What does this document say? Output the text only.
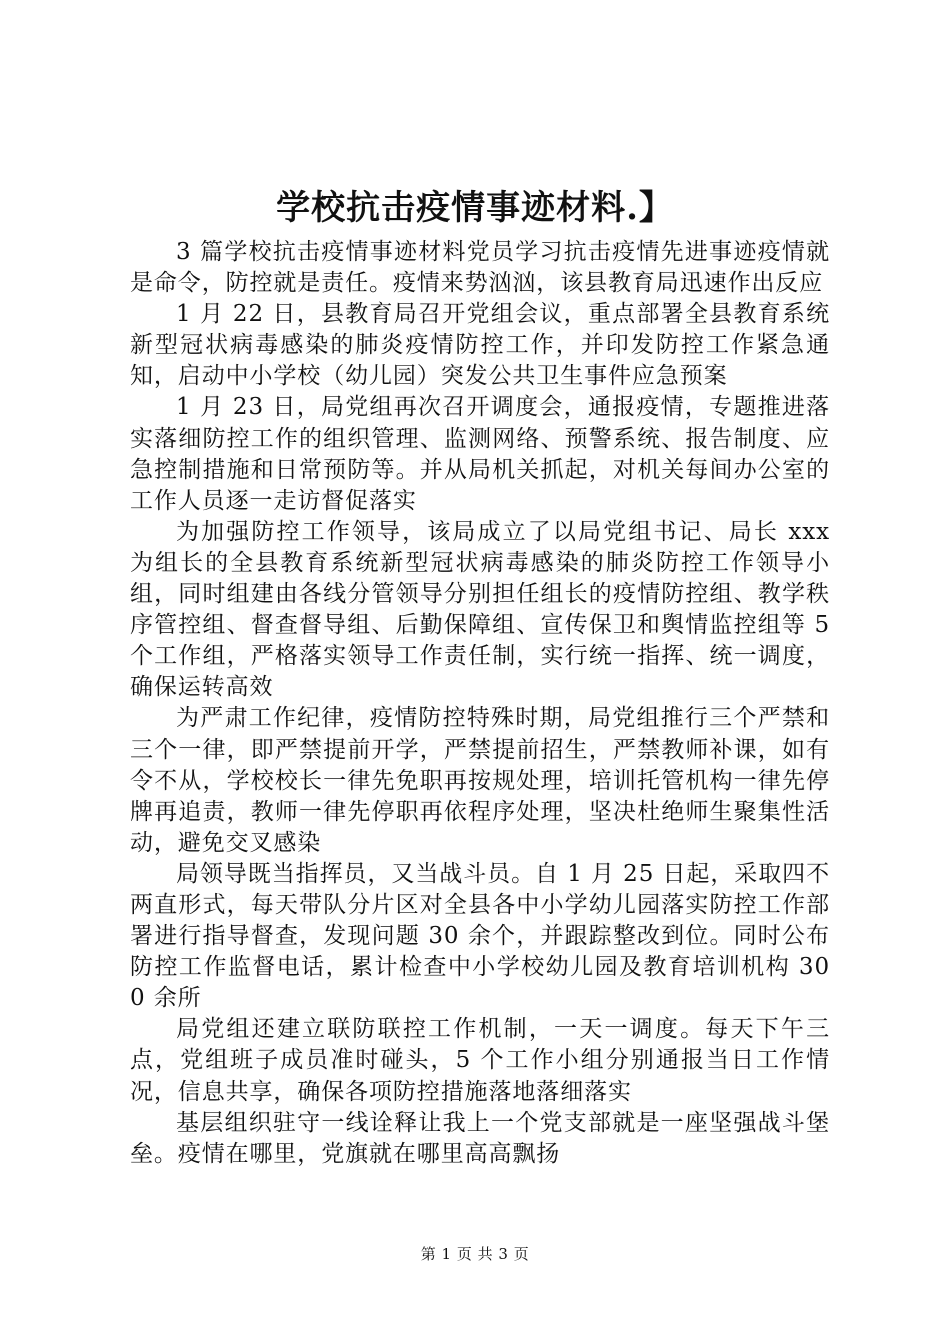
学校抗击疫情事迹材料.】

3 篇学校抗击疫情事迹材料党员学习抗击疫情先进事迹疫情就是命令，防控就是责任。疫情来势汹汹，该县教育局迅速作出反应

1 月 22 日，县教育局召开党组会议，重点部署全县教育系统新型冠状病毒感染的肺炎疫情防控工作，并印发防控工作紧急通知，启动中小学校（幼儿园）突发公共卫生事件应急预案

1 月 23 日，局党组再次召开调度会，通报疫情，专题推进落实落细防控工作的组织管理、监测网络、预警系统、报告制度、应急控制措施和日常预防等。并从局机关抓起，对机关每间办公室的工作人员逐一走访督促落实

为加强防控工作领导，该局成立了以局党组书记、局长 xxx 为组长的全县教育系统新型冠状病毒感染的肺炎防控工作领导小组，同时组建由各线分管领导分别担任组长的疫情防控组、教学秩序管控组、督查督导组、后勤保障组、宣传保卫和舆情监控组等 5 个工作组，严格落实领导工作责任制，实行统一指挥、统一调度，确保运转高效

为严肃工作纪律，疫情防控特殊时期，局党组推行三个严禁和三个一律，即严禁提前开学，严禁提前招生，严禁教师补课，如有令不从，学校校长一律先免职再按规处理，培训托管机构一律先停牌再追责，教师一律先停职再依程序处理，坚决杜绝师生聚集性活动，避免交叉感染

局领导既当指挥员，又当战斗员。自 1 月 25 日起，采取四不两直形式，每天带队分片区对全县各中小学幼儿园落实防控工作部署进行指导督查，发现问题 30 余个，并跟踪整改到位。同时公布防控工作监督电话，累计检查中小学校幼儿园及教育培训机构 300 余所

局党组还建立联防联控工作机制，一天一调度。每天下午三点，党组班子成员准时碰头，5 个工作小组分别通报当日工作情况，信息共享，确保各项防控措施落地落细落实

基层组织驻守一线诠释让我上一个党支部就是一座坚强战斗堡垒。疫情在哪里，党旗就在哪里高高飘扬

第 1 页 共 3 页
